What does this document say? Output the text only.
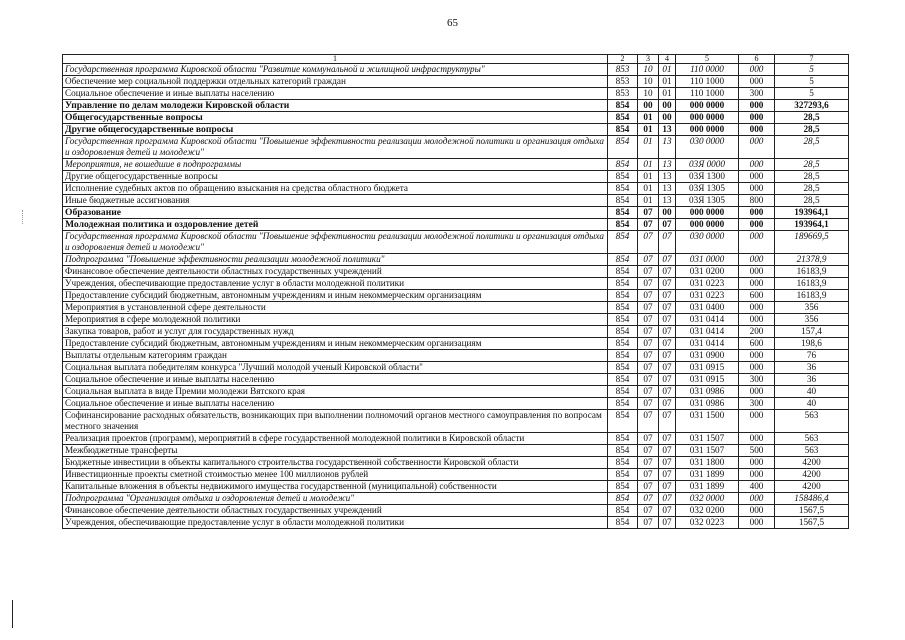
65
1	2	3	4	5	6	7
Государственная программа Кировской области "Развитие коммунальной и жилищной инфраструктуры"	853	10	01	110 0000	000	5
Обеспечение мер социальной поддержки отдельных категорий граждан	853	10	01	110 1000	000	5
Социальное обеспечение и иные выплаты населению	853	10	01	110 1000	300	5
Управление по делам молодежи Кировской области	854	00	00	000 0000	000	327293,6
Общегосударственные вопросы	854	01	00	000 0000	000	28,5
Другие общегосударственные вопросы	854	01	13	000 0000	000	28,5
Государственная программа Кировской области "Повышение эффективности реализации молодежной политики и организация отдыха и оздоровления детей и молодежи"	854	01	13	030 0000	000	28,5
Мероприятия, не вошедшие в подпрограммы	854	01	13	03Я 0000	000	28,5
Другие общегосударственные вопросы	854	01	13	03Я 1300	000	28,5
Исполнение судебных актов по обращению взыскания на средства областного бюджета	854	01	13	03Я 1305	000	28,5
Иные бюджетные ассигнования	854	01	13	03Я 1305	800	28,5
Образование	854	07	00	000 0000	000	193964,1
Молодежная политика и оздоровление детей	854	07	07	000 0000	000	193964,1
Государственная программа Кировской области "Повышение эффективности реализации молодежной политики и организация отдыха и оздоровления детей и молодежи"	854	07	07	030 0000	000	189669,5
Подпрограмма "Повышение эффективности реализации молодежной политики"	854	07	07	031 0000	000	21378,9
Финансовое обеспечение деятельности областных государственных учреждений	854	07	07	031 0200	000	16183,9
Учреждения, обеспечивающие предоставление услуг в области молодежной политики	854	07	07	031 0223	000	16183,9
Предоставление субсидий бюджетным, автономным учреждениям и иным некоммерческим организациям	854	07	07	031 0223	600	16183,9
Мероприятия в установленной сфере деятельности	854	07	07	031 0400	000	356
Мероприятия в сфере молодежной политики	854	07	07	031 0414	000	356
Закупка товаров, работ и услуг для государственных нужд	854	07	07	031 0414	200	157,4
Предоставление субсидий бюджетным, автономным учреждениям и иным некоммерческим организациям	854	07	07	031 0414	600	198,6
Выплаты отдельным категориям граждан	854	07	07	031 0900	000	76
Социальная выплата победителям конкурса "Лучший молодой ученый Кировской области"	854	07	07	031 0915	000	36
Социальное обеспечение и иные выплаты населению	854	07	07	031 0915	300	36
Социальная выплата в виде Премии молодежи Вятского края	854	07	07	031 0986	000	40
Социальное обеспечение и иные выплаты населению	854	07	07	031 0986	300	40
Софинансирование расходных обязательств, возникающих при выполнении полномочий органов местного самоуправления по вопросам местного значения	854	07	07	031 1500	000	563
Реализация проектов (программ), мероприятий в сфере государственной молодежной политики в Кировской области	854	07	07	031 1507	000	563
Межбюджетные трансферты	854	07	07	031 1507	500	563
Бюджетные инвестиции в объекты капитального строительства государственной собственности Кировской области	854	07	07	031 1800	000	4200
Инвестиционные проекты сметной стоимостью менее 100 миллионов рублей	854	07	07	031 1899	000	4200
Капитальные вложения в объекты недвижимого имущества государственной (муниципальной) собственности	854	07	07	031 1899	400	4200
Подпрограмма "Организация отдыха и оздоровления детей и молодежи"	854	07	07	032 0000	000	158486,4
Финансовое обеспечение деятельности областных государственных учреждений	854	07	07	032 0200	000	1567,5
Учреждения, обеспечивающие предоставление услуг в области молодежной политики	854	07	07	032 0223	000	1567,5
